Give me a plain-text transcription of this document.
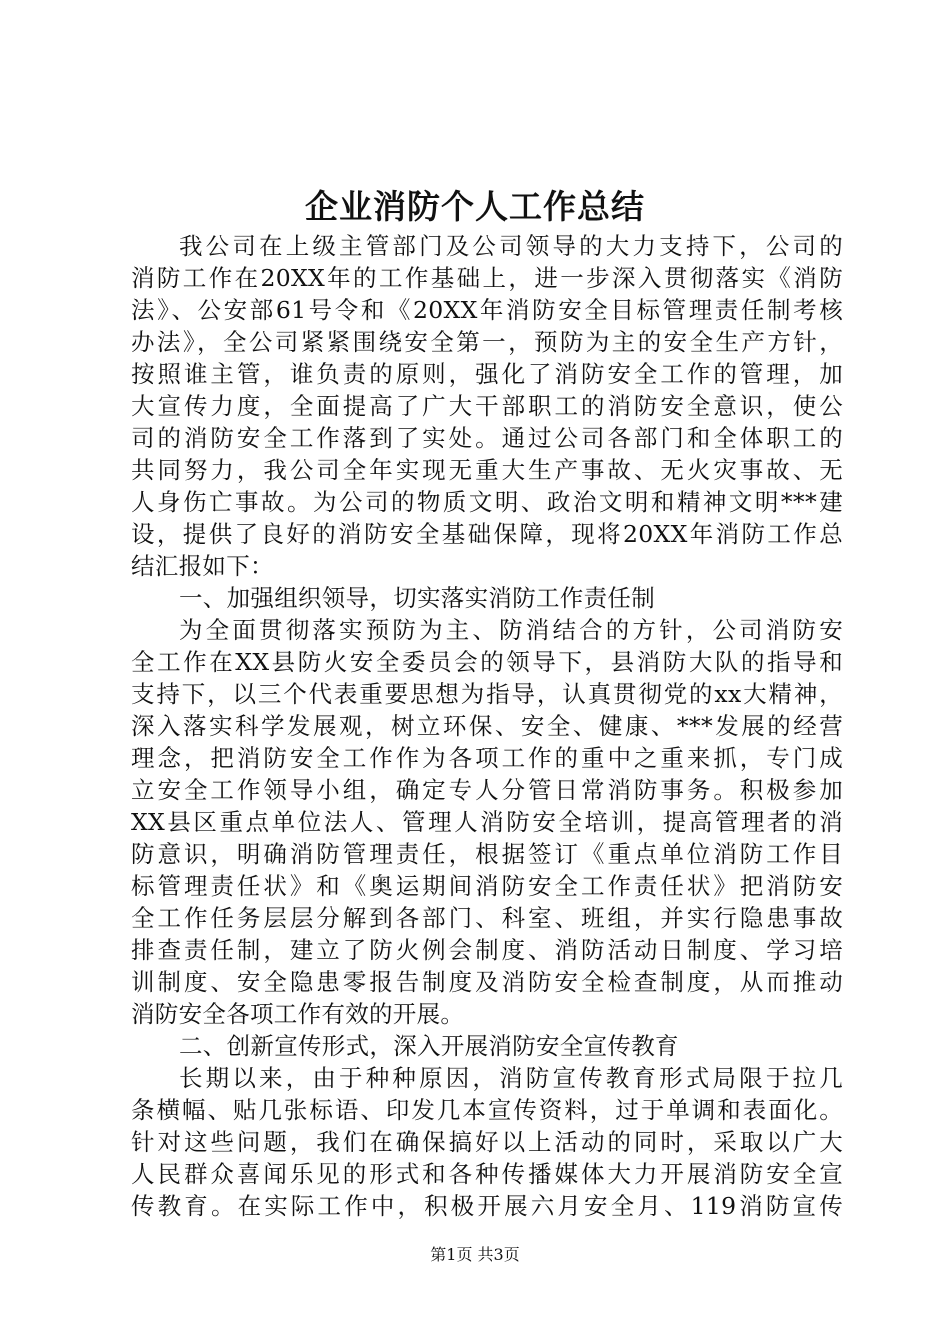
企业消防个人工作总结
我公司在上级主管部门及公司领导的大力支持下，公司的
消防工作在20XX年的工作基础上，进一步深入贯彻落实《消防
法》、公安部61号令和《20XX年消防安全目标管理责任制考核
办法》，全公司紧紧围绕安全第一，预防为主的安全生产方针，
按照谁主管，谁负责的原则，强化了消防安全工作的管理，加
大宣传力度，全面提高了广大干部职工的消防安全意识，使公
司的消防安全工作落到了实处。通过公司各部门和全体职工的
共同努力，我公司全年实现无重大生产事故、无火灾事故、无
人身伤亡事故。为公司的物质文明、政治文明和精神文明***建
设，提供了良好的消防安全基础保障，现将20XX年消防工作总
结汇报如下：
一、加强组织领导，切实落实消防工作责任制
为全面贯彻落实预防为主、防消结合的方针，公司消防安
全工作在XX县防火安全委员会的领导下，县消防大队的指导和
支持下，以三个代表重要思想为指导，认真贯彻党的xx大精神，
深入落实科学发展观，树立环保、安全、健康、***发展的经营
理念，把消防安全工作作为各项工作的重中之重来抓，专门成
立安全工作领导小组，确定专人分管日常消防事务。积极参加
XX县区重点单位法人、管理人消防安全培训，提高管理者的消
防意识，明确消防管理责任，根据签订《重点单位消防工作目
标管理责任状》和《奥运期间消防安全工作责任状》把消防安
全工作任务层层分解到各部门、科室、班组，并实行隐患事故
排查责任制，建立了防火例会制度、消防活动日制度、学习培
训制度、安全隐患零报告制度及消防安全检查制度，从而推动
消防安全各项工作有效的开展。
二、创新宣传形式，深入开展消防安全宣传教育
长期以来，由于种种原因，消防宣传教育形式局限于拉几
条横幅、贴几张标语、印发几本宣传资料，过于单调和表面化。
针对这些问题，我们在确保搞好以上活动的同时，采取以广大
人民群众喜闻乐见的形式和各种传播媒体大力开展消防安全宣
传教育。在实际工作中，积极开展六月安全月、119消防宣传
第1页 共3页
